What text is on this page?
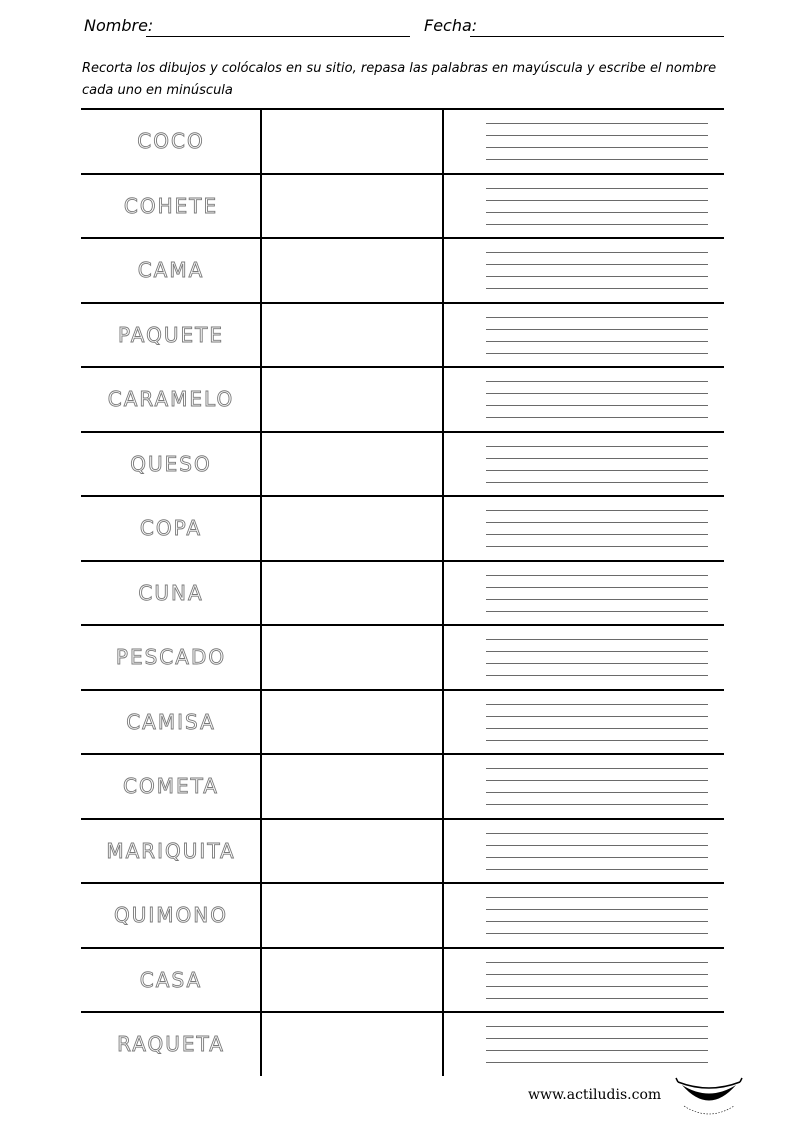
Nombre:	Fecha:
Recorta los dibujos y colócalos en su sitio, repasa las palabras en mayúscula y escribe el nombre cada uno en minúscula
COCO
COHETE
CAMA
PAQUETE
CARAMELO
QUESO
COPA
CUNA
PESCADO
CAMISA
COMETA
MARIQUITA
QUIMONO
CASA
RAQUETA
www.actiludis.com
